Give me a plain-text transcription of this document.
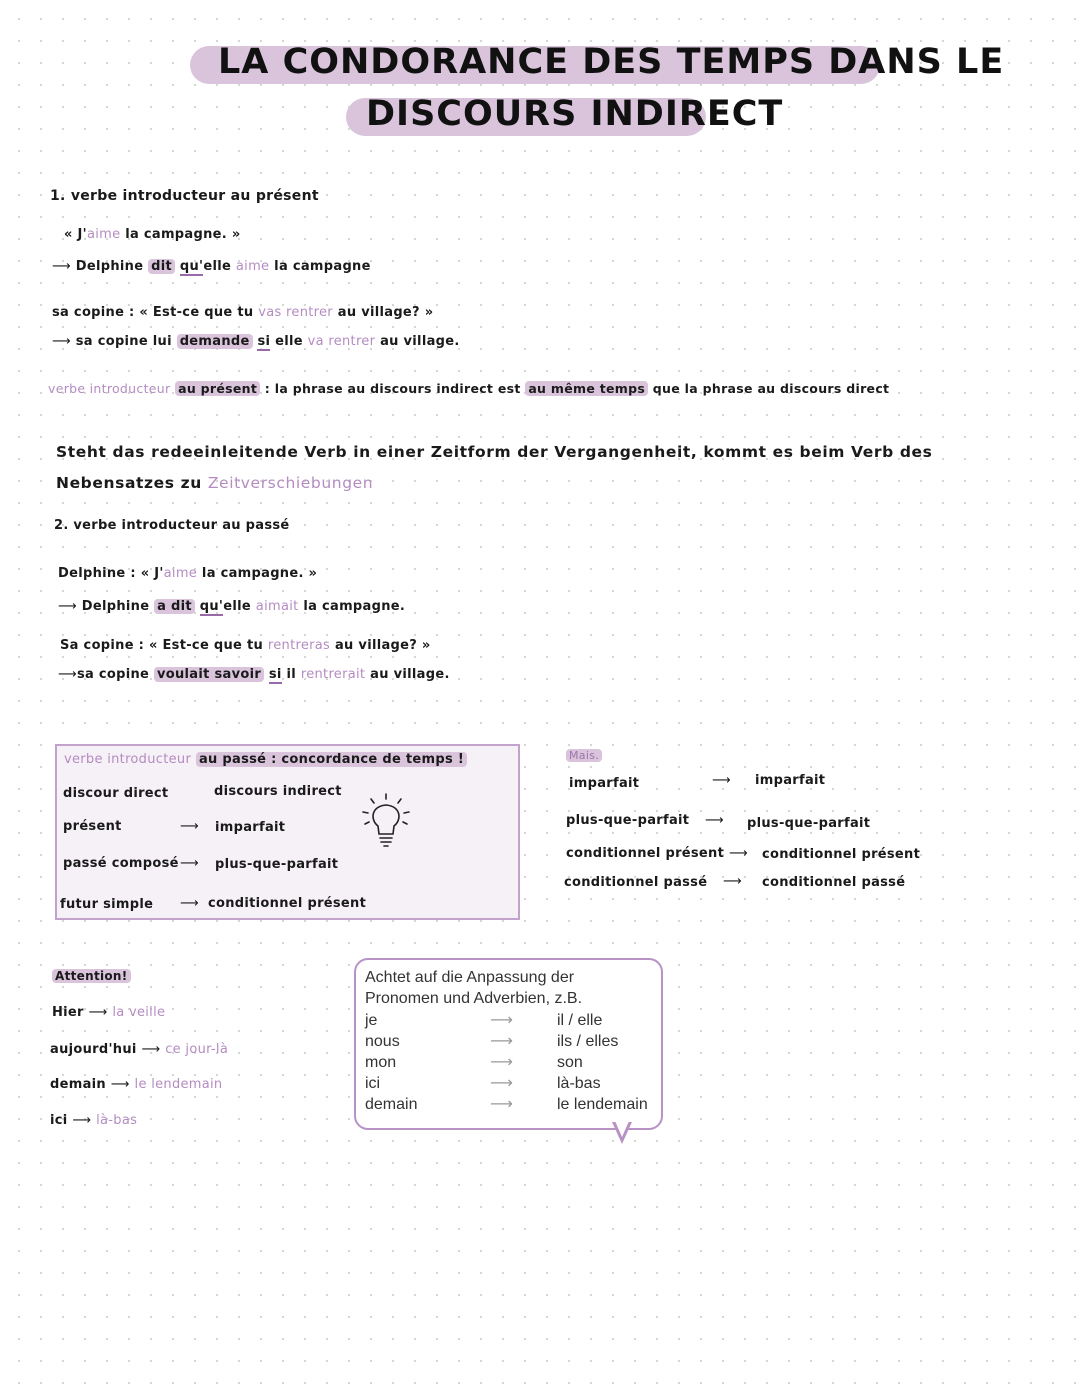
LA CONDORANCE DES TEMPS DANS LE
DISCOURS INDIRECT
1. verbe introducteur au présent
« J'aime la campagne. »
⟶ Delphine dit qu'elle aime la campagne
sa copine : « Est-ce que tu vas rentrer au village? »
⟶ sa copine lui demande si elle va rentrer au village.
verbe introducteur au présent : la phrase au discours indirect est au même temps que la phrase au discours direct
Steht das redeeinleitende Verb in einer Zeitform der Vergangenheit, kommt es beim Verb des
Nebensatzes zu Zeitverschiebungen
2. verbe introducteur au passé
Delphine : « J'aime la campagne. »
⟶ Delphine a dit qu'elle aimait la campagne.
Sa copine : « Est-ce que tu rentreras au village? »
⟶sa copine voulait savoir si il rentrerait au village.
verbe introducteur au passé : concordance de temps !
discour direct	discours indirect
présent	⟶ imparfait
passé composé ⟶ plus-que-parfait
futur simple ⟶ conditionnel présent
Mais.
imparfait	⟶ imparfait
plus-que-parfait ⟶ plus-que-parfait
conditionnel présent ⟶ conditionnel présent
conditionnel passé ⟶ conditionnel passé
Attention!
Hier ⟶ la veille
aujourd'hui ⟶ ce jour-là
demain ⟶ le lendemain
ici ⟶ là-bas
Achtet auf die Anpassung der
Pronomen und Adverbien, z.B.
je	⟶	il / elle
nous	⟶	ils / elles
mon	⟶	son
ici	⟶	là-bas
demain	⟶	le lendemain
